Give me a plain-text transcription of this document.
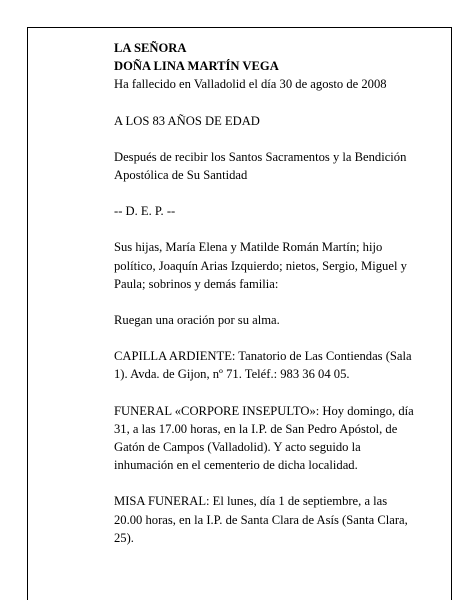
LA SEÑORA

DOÑA LINA MARTÍN VEGA

Ha fallecido en Valladolid el día 30 de agosto de 2008

A LOS 83 AÑOS DE EDAD

Después de recibir los Santos Sacramentos y la Bendición Apostólica de Su Santidad

-- D. E. P. --

Sus hijas, María Elena y Matilde Román Martín; hijo político, Joaquín Arias Izquierdo; nietos, Sergio, Miguel y Paula; sobrinos y demás familia:

Ruegan una oración por su alma.

CAPILLA ARDIENTE: Tanatorio de Las Contiendas (Sala 1). Avda. de Gijon, nº 71. Teléf.: 983 36 04 05.

FUNERAL «CORPORE INSEPULTO»: Hoy domingo, día 31, a las 17.00 horas, en la I.P. de San Pedro Apóstol, de Gatón de Campos (Valladolid). Y acto seguido la inhumación en el cementerio de dicha localidad.

MISA FUNERAL: El lunes, día 1 de septiembre, a las 20.00 horas, en la I.P. de Santa Clara de Asís (Santa Clara, 25).
